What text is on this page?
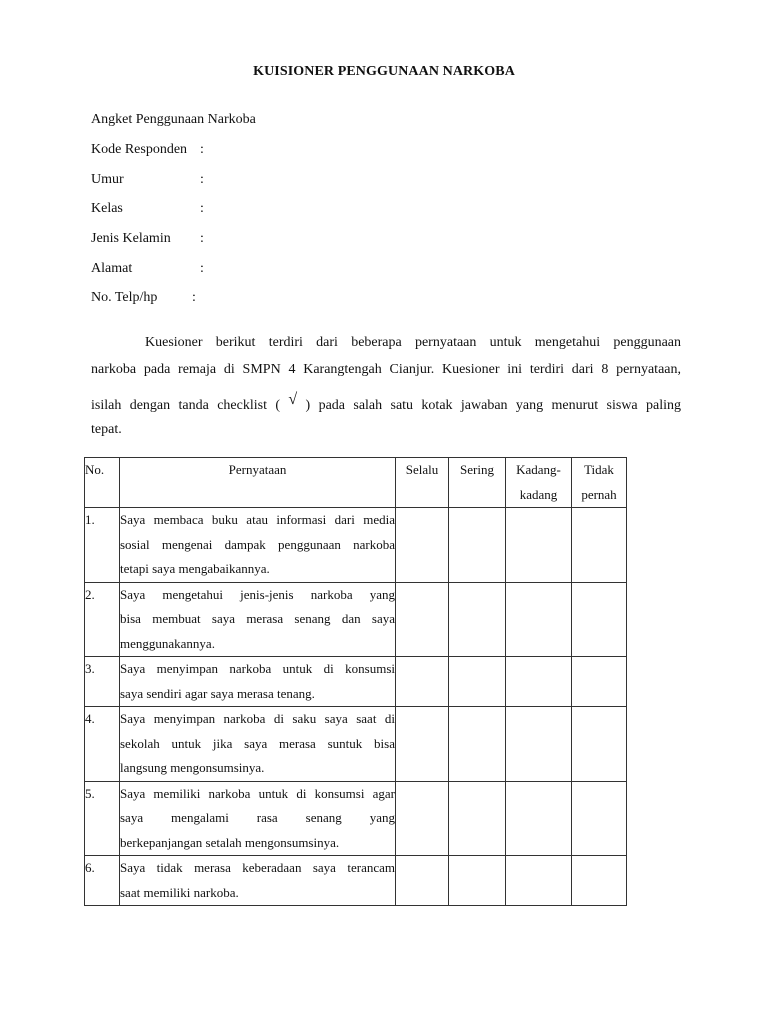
KUISIONER PENGGUNAAN NARKOBA
Angket Penggunaan Narkoba
Kode Responden :
Umur	:
Kelas	:
Jenis Kelamin :
Alamat	:
No. Telp/hp :
Kuesioner berikut terdiri dari beberapa pernyataan untuk mengetahui penggunaan
narkoba pada remaja di SMPN 4 Karangtengah Cianjur. Kuesioner ini terdiri dari 8 pernyataan,
isilah dengan tanda checklist ( √ ) pada salah satu kotak jawaban yang menurut siswa paling
tepat.
No.	Pernyataan	Selalu	Sering	Kadang-
kadang	Tidak
pernah

1.	Saya membaca buku atau informasi dari media
sosial mengenai dampak penggunaan narkoba
tetapi saya mengabaikannya.				

2.	Saya mengetahui jenis-jenis narkoba yang
bisa membuat saya merasa senang dan saya
menggunakannya.				

3.	Saya menyimpan narkoba untuk di konsumsi
saya sendiri agar saya merasa tenang.				

4.	Saya menyimpan narkoba di saku saya saat di
sekolah untuk jika saya merasa suntuk bisa
langsung mengonsumsinya.				

5.	Saya memiliki narkoba untuk di konsumsi agar
saya mengalami rasa senang yang
berkepanjangan setalah mengonsumsinya.				

6.	Saya tidak merasa keberadaan saya terancam
saat memiliki narkoba.				
